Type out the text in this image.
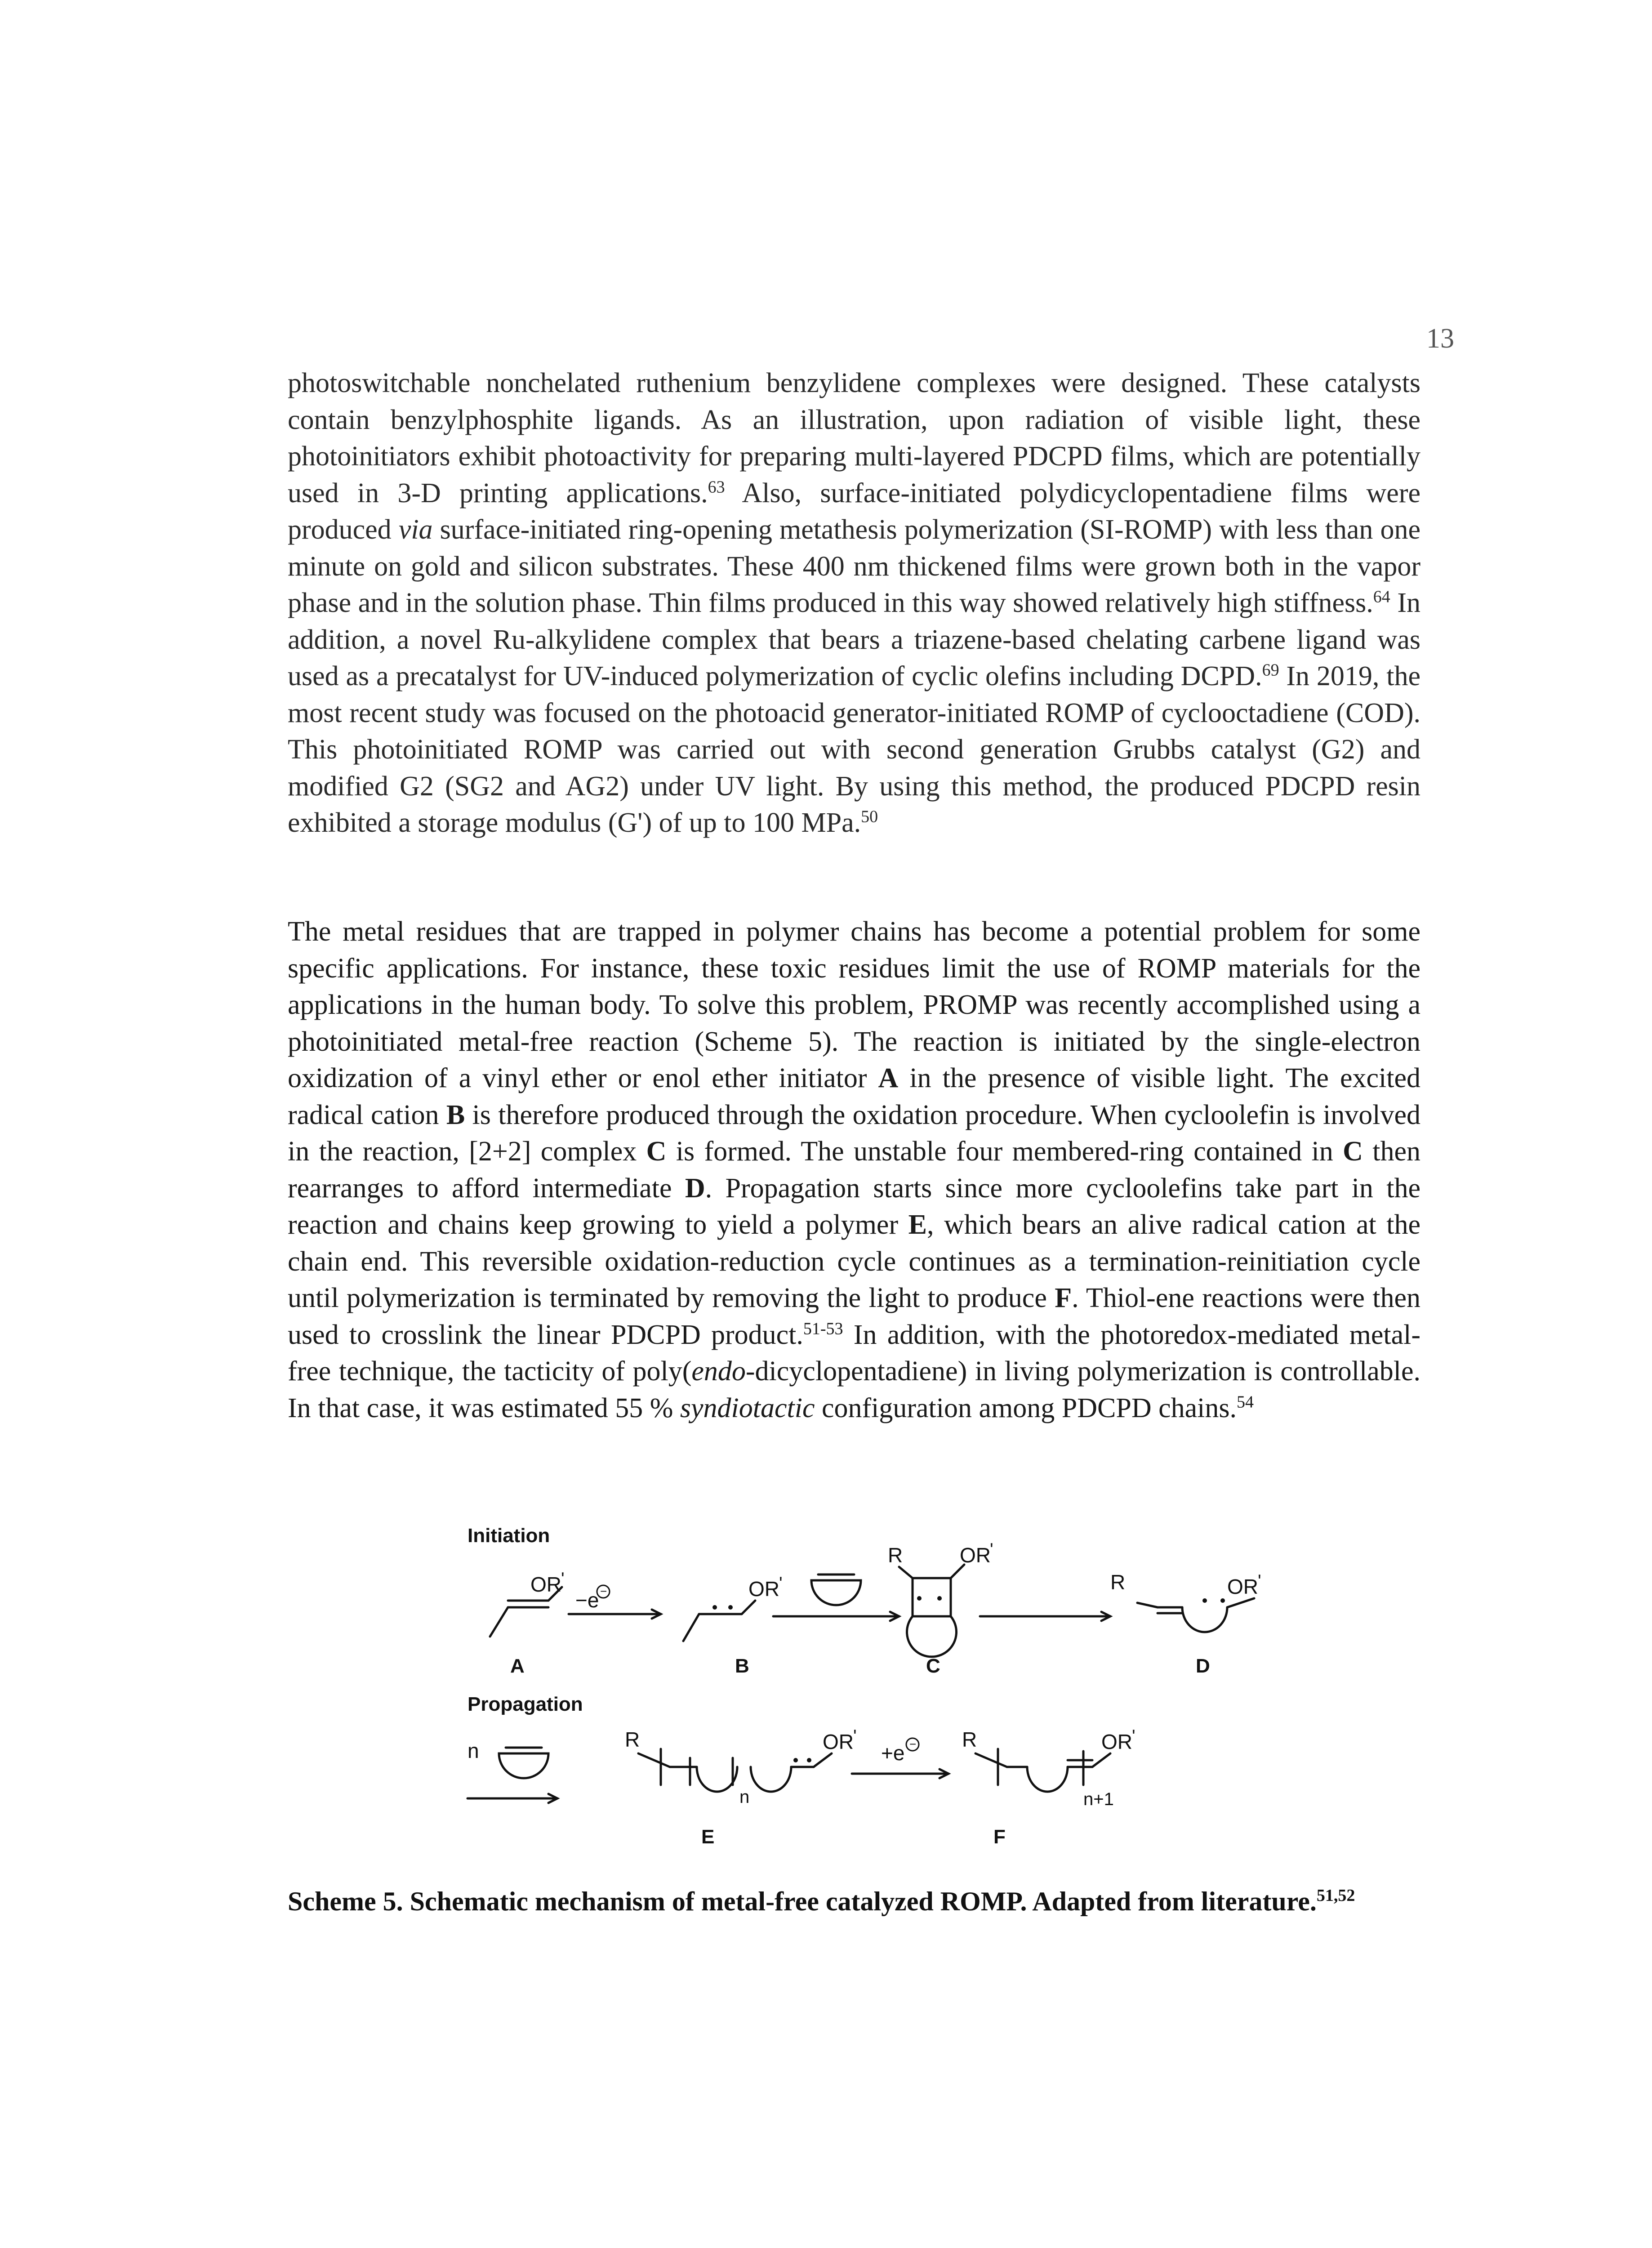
13
photoswitchable nonchelated ruthenium benzylidene complexes were designed. These catalysts contain benzylphosphite ligands. As an illustration, upon radiation of visible light, these photoinitiators exhibit photoactivity for preparing multi-layered PDCPD films, which are potentially used in 3-D printing applications.$^{63}$ Also, surface-initiated polydicyclopentadiene films were produced via surface-initiated ring-opening metathesis polymerization (SI-ROMP) with less than one minute on gold and silicon substrates. These 400 nm thickened films were grown both in the vapor phase and in the solution phase. Thin films produced in this way showed relatively high stiffness.$^{64}$ In addition, a novel Ru-alkylidene complex that bears a triazene-based chelating carbene ligand was used as a precatalyst for UV-induced polymerization of cyclic olefins including DCPD.$^{69}$ In 2019, the most recent study was focused on the photoacid generator-initiated ROMP of cyclooctadiene (COD). This photoinitiated ROMP was carried out with second generation Grubbs catalyst (G2) and modified G2 (SG2 and AG2) under UV light. By using this method, the produced PDCPD resin exhibited a storage modulus (G') of up to 100 MPa.$^{50}$
The metal residues that are trapped in polymer chains has become a potential problem for some specific applications. For instance, these toxic residues limit the use of ROMP materials for the applications in the human body. To solve this problem, PROMP was recently accomplished using a photoinitiated metal-free reaction (Scheme 5). The reaction is initiated by the single-electron oxidization of a vinyl ether or enol ether initiator A in the presence of visible light. The excited radical cation B is therefore produced through the oxidation procedure. When cycloolefin is involved in the reaction, [2+2] complex C is formed. The unstable four membered-ring contained in C then rearranges to afford intermediate D. Propagation starts since more cycloolefins take part in the reaction and chains keep growing to yield a polymer E, which bears an alive radical cation at the chain end. This reversible oxidation-reduction cycle continues as a termination-reinitiation cycle until polymerization is terminated by removing the light to produce F. Thiol-ene reactions were then used to crosslink the linear PDCPD product.$^{51-53}$ In addition, with the photoredox-mediated metal-free technique, the tacticity of poly(endo-dicyclopentadiene) in living polymerization is controllable. In that case, it was estimated 55 % syndiotactic configuration among PDCPD chains.$^{54}$
Initiation
Propagation
OR '
−e −	OR '
R	OR
'
R	OR '
A	B	C	D
n	R	OR '
n
E
+e − R	OR '
n+1
F
Scheme 5. Schematic mechanism of metal-free catalyzed ROMP. Adapted from literature.$^{51,52}$
